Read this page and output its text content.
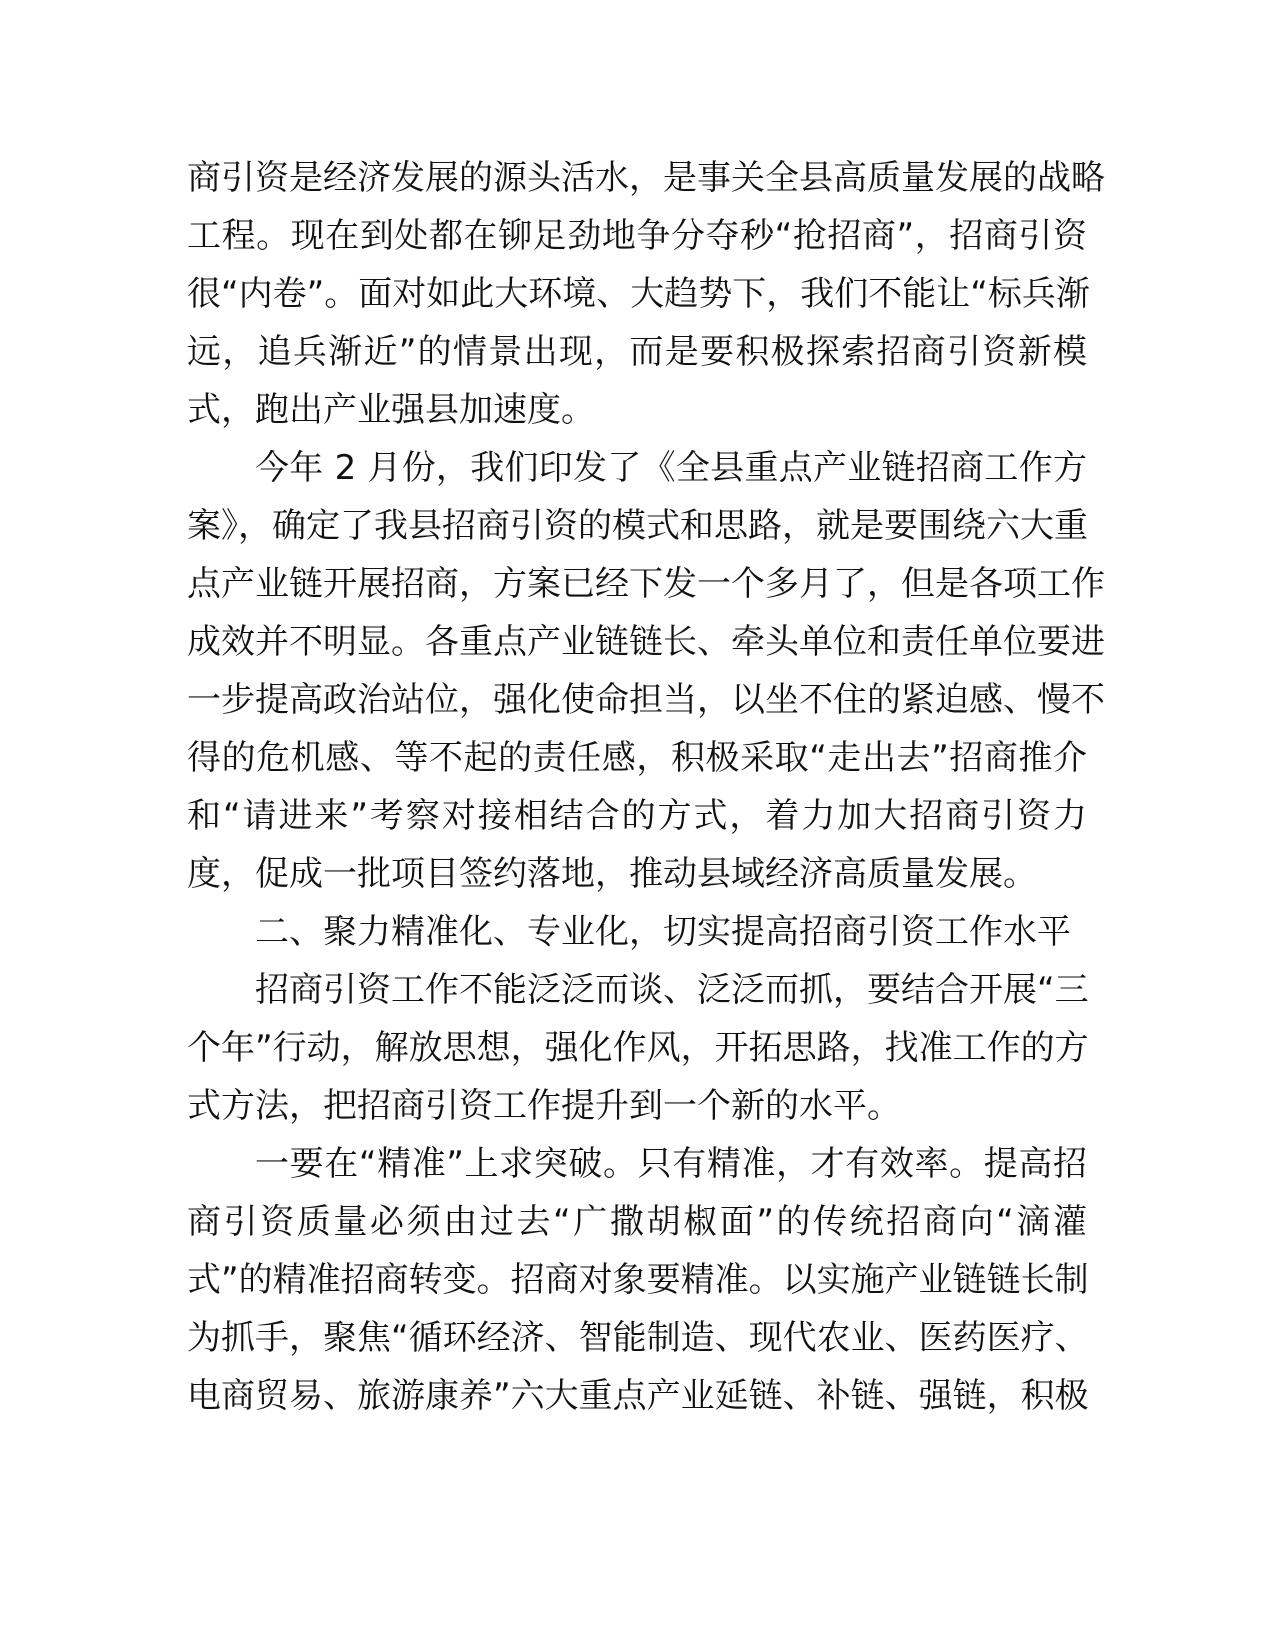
商引资是经济发展的源头活水，是事关全县高质量发展的战略
工程。现在到处都在铆足劲地争分夺秒“抢招商”，招商引资
很“内卷”。面对如此大环境、大趋势下，我们不能让“标兵渐
远，追兵渐近”的情景出现，而是要积极探索招商引资新模
式，跑出产业强县加速度。

今年 2 月份，我们印发了《全县重点产业链招商工作方
案》，确定了我县招商引资的模式和思路，就是要围绕六大重
点产业链开展招商，方案已经下发一个多月了，但是各项工作
成效并不明显。各重点产业链链长、牵头单位和责任单位要进
一步提高政治站位，强化使命担当，以坐不住的紧迫感、慢不
得的危机感、等不起的责任感，积极采取“走出去”招商推介
和“请进来”考察对接相结合的方式，着力加大招商引资力
度，促成一批项目签约落地，推动县域经济高质量发展。

二、聚力精准化、专业化，切实提高招商引资工作水平

招商引资工作不能泛泛而谈、泛泛而抓，要结合开展“三
个年”行动，解放思想，强化作风，开拓思路，找准工作的方
式方法，把招商引资工作提升到一个新的水平。

一要在“精准”上求突破。只有精准，才有效率。提高招
商引资质量必须由过去“广撒胡椒面”的传统招商向“滴灌
式”的精准招商转变。招商对象要精准。以实施产业链链长制
为抓手，聚焦“循环经济、智能制造、现代农业、医药医疗、
电商贸易、旅游康养”六大重点产业延链、补链、强链，积极
